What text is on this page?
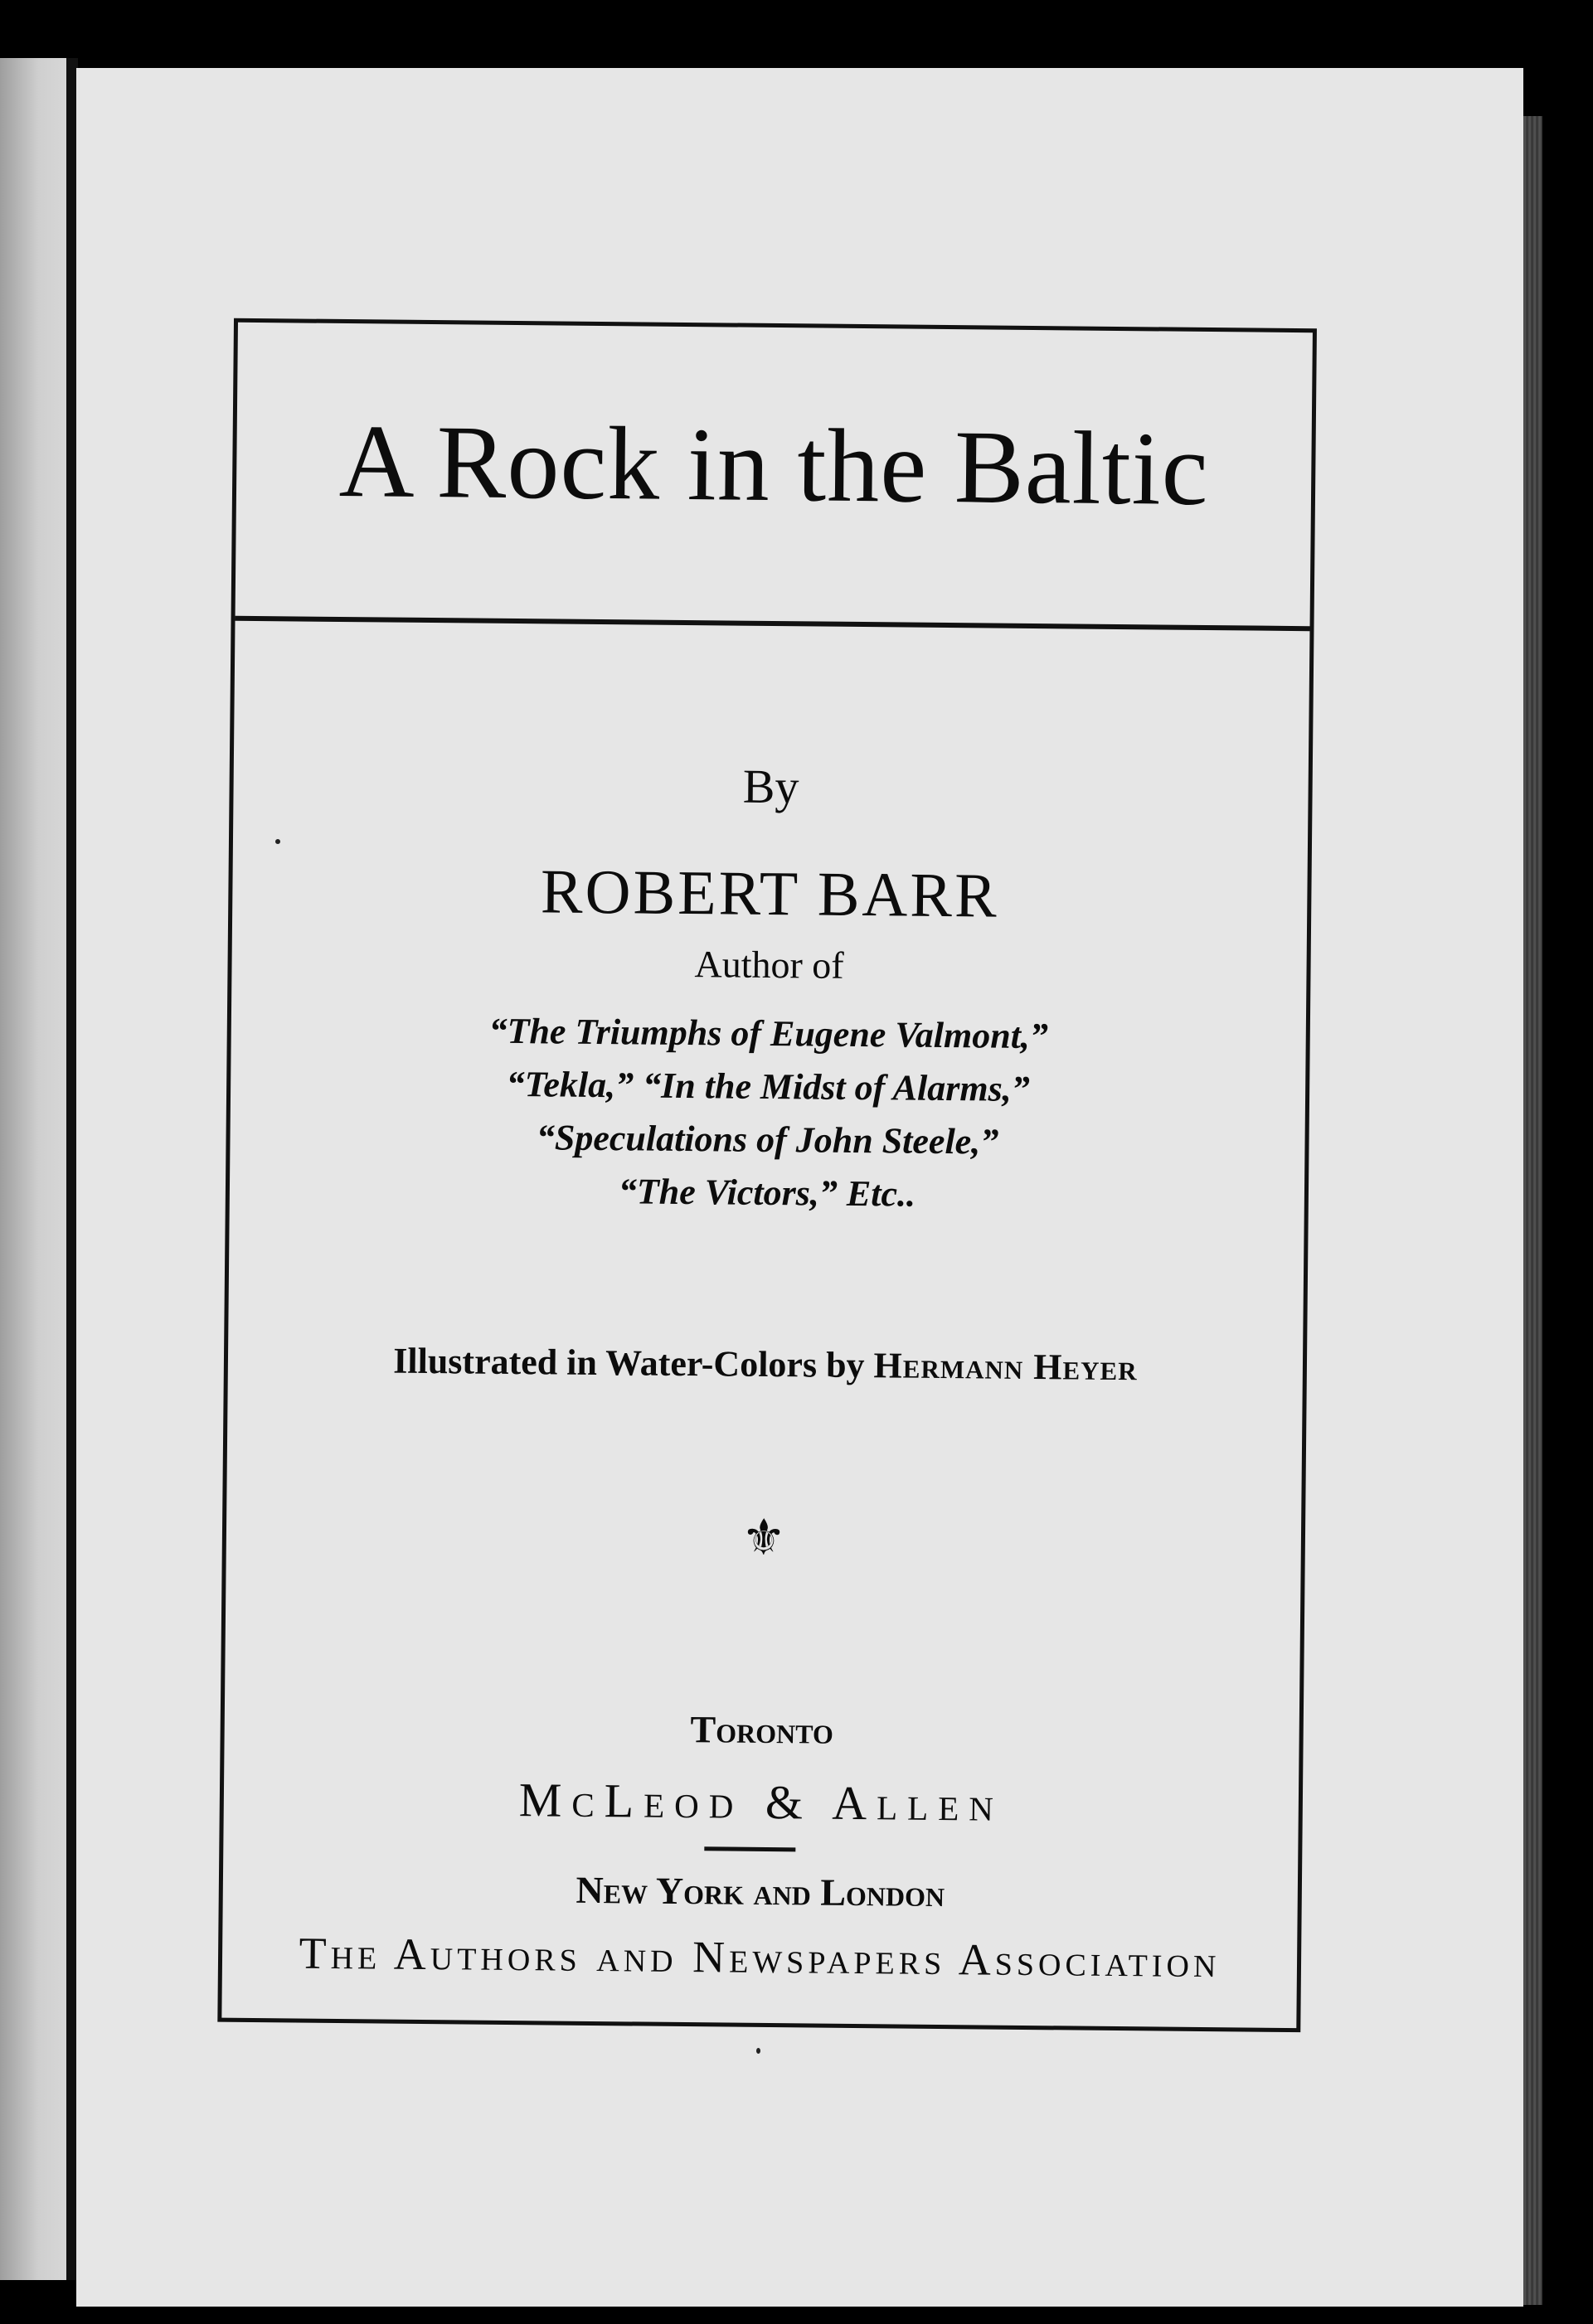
A Rock in the Baltic
By
ROBERT BARR
Author of
“The Triumphs of Eugene Valmont,”
“Tekla,” “In the Midst of Alarms,”
“Speculations of John Steele,”
“The Victors,” Etc..
Illustrated in Water-Colors by Hermann Heyer
⚜
Toronto
McLeod & Allen
New York and London
The Authors and Newspapers Association
